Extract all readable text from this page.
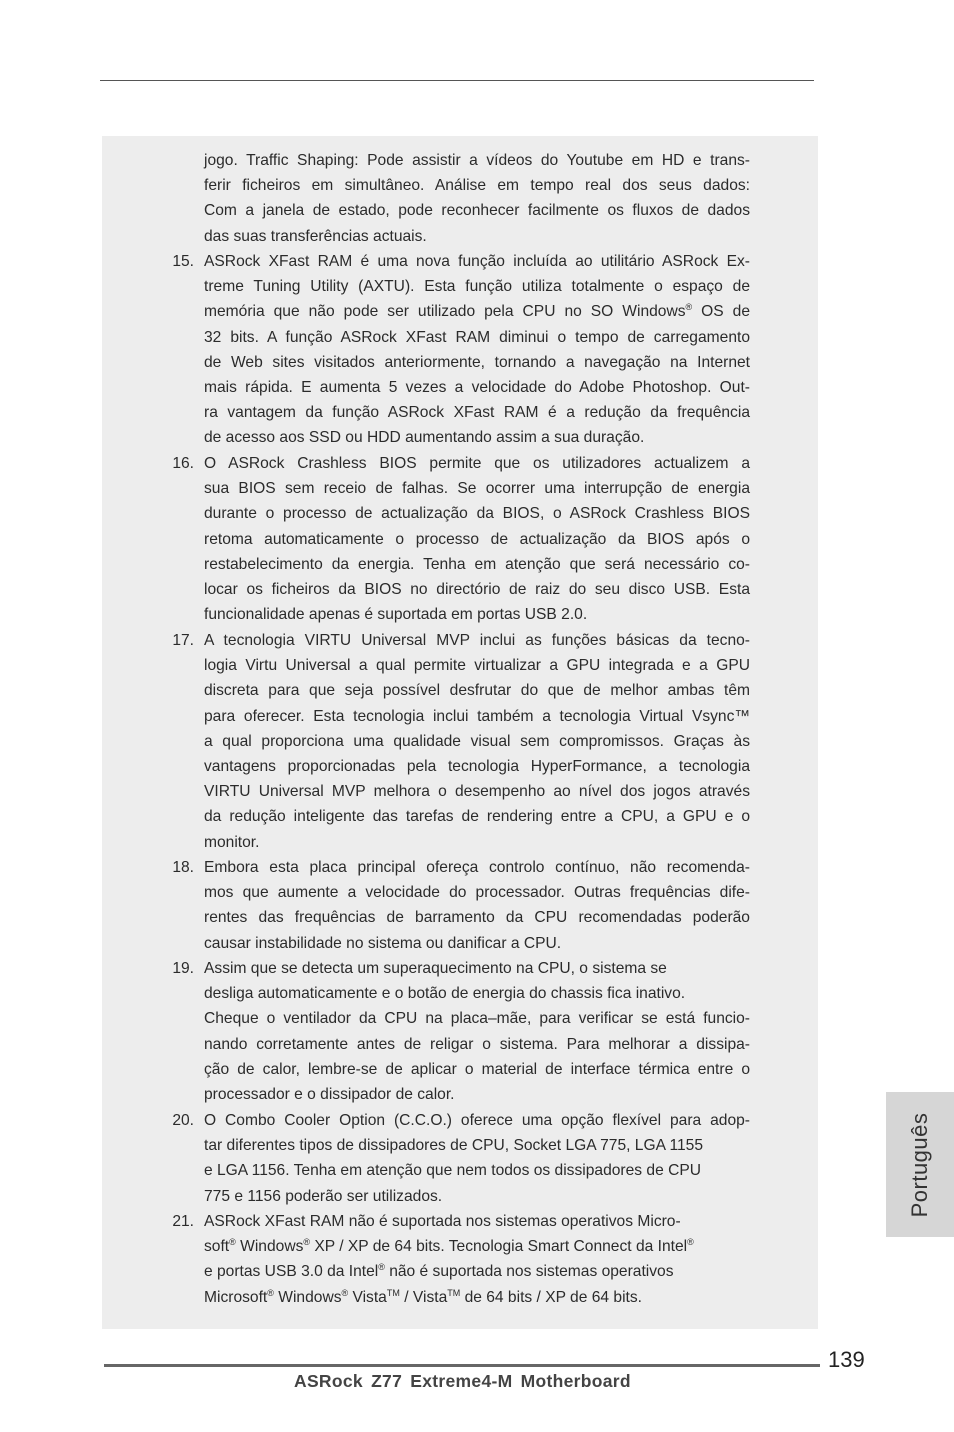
jogo. Traffic Shaping: Pode assistir a vídeos do Youtube em HD e trans-
ferir ficheiros em simultâneo. Análise em tempo real dos seus dados:
Com a janela de estado, pode reconhecer facilmente os fluxos de dados
das suas transferências actuais.
15. ASRock XFast RAM é uma nova função incluída ao utilitário ASRock Ex-
treme Tuning Utility (AXTU). Esta função utiliza totalmente o espaço de
memória que não pode ser utilizado pela CPU no SO Windows® OS de
32 bits. A função ASRock XFast RAM diminui o tempo de carregamento
de Web sites visitados anteriormente, tornando a navegação na Internet
mais rápida. E aumenta 5 vezes a velocidade do Adobe Photoshop. Out-
ra vantagem da função ASRock XFast RAM é a redução da frequência
de acesso aos SSD ou HDD aumentando assim a sua duração.
16. O ASRock Crashless BIOS permite que os utilizadores actualizem a
sua BIOS sem receio de falhas. Se ocorrer uma interrupção de energia
durante o processo de actualização da BIOS, o ASRock Crashless BIOS
retoma automaticamente o processo de actualização da BIOS após o
restabelecimento da energia. Tenha em atenção que será necessário co-
locar os ficheiros da BIOS no directório de raiz do seu disco USB. Esta
funcionalidade apenas é suportada em portas USB 2.0.
17. A tecnologia VIRTU Universal MVP inclui as funções básicas da tecno-
logia Virtu Universal a qual permite virtualizar a GPU integrada e a GPU
discreta para que seja possível desfrutar do que de melhor ambas têm
para oferecer. Esta tecnologia inclui também a tecnologia Virtual Vsync™
a qual proporciona uma qualidade visual sem compromissos. Graças às
vantagens proporcionadas pela tecnologia HyperFormance, a tecnologia
VIRTU Universal MVP melhora o desempenho ao nível dos jogos através
da redução inteligente das tarefas de rendering entre a CPU, a GPU e o
monitor.
18. Embora esta placa principal ofereça controlo contínuo, não recomenda-
mos que aumente a velocidade do processador. Outras frequências dife-
rentes das frequências de barramento da CPU recomendadas poderão
causar instabilidade no sistema ou danificar a CPU.
19. Assim que se detecta um superaquecimento na CPU, o sistema se
desliga automaticamente e o botão de energia do chassis fica inativo.
Cheque o ventilador da CPU na placa–mãe, para verificar se está funcio-
nando corretamente antes de religar o sistema. Para melhorar a dissipa-
ção de calor, lembre-se de aplicar o material de interface térmica entre o
processador e o dissipador de calor.
20. O Combo Cooler Option (C.C.O.) oferece uma opção flexível para adop-
tar diferentes tipos de dissipadores de CPU, Socket LGA 775, LGA 1155
e LGA 1156. Tenha em atenção que nem todos os dissipadores de CPU
775 e 1156 poderão ser utilizados.
21. ASRock XFast RAM não é suportada nos sistemas operativos Micro-
soft® Windows® XP / XP de 64 bits. Tecnologia Smart Connect da Intel®
e portas USB 3.0 da Intel® não é suportada nos sistemas operativos
Microsoft® Windows® Vista™ / Vista™ de 64 bits / XP de 64 bits.
Português
139
ASRock Z77 Extreme4-M Motherboard
